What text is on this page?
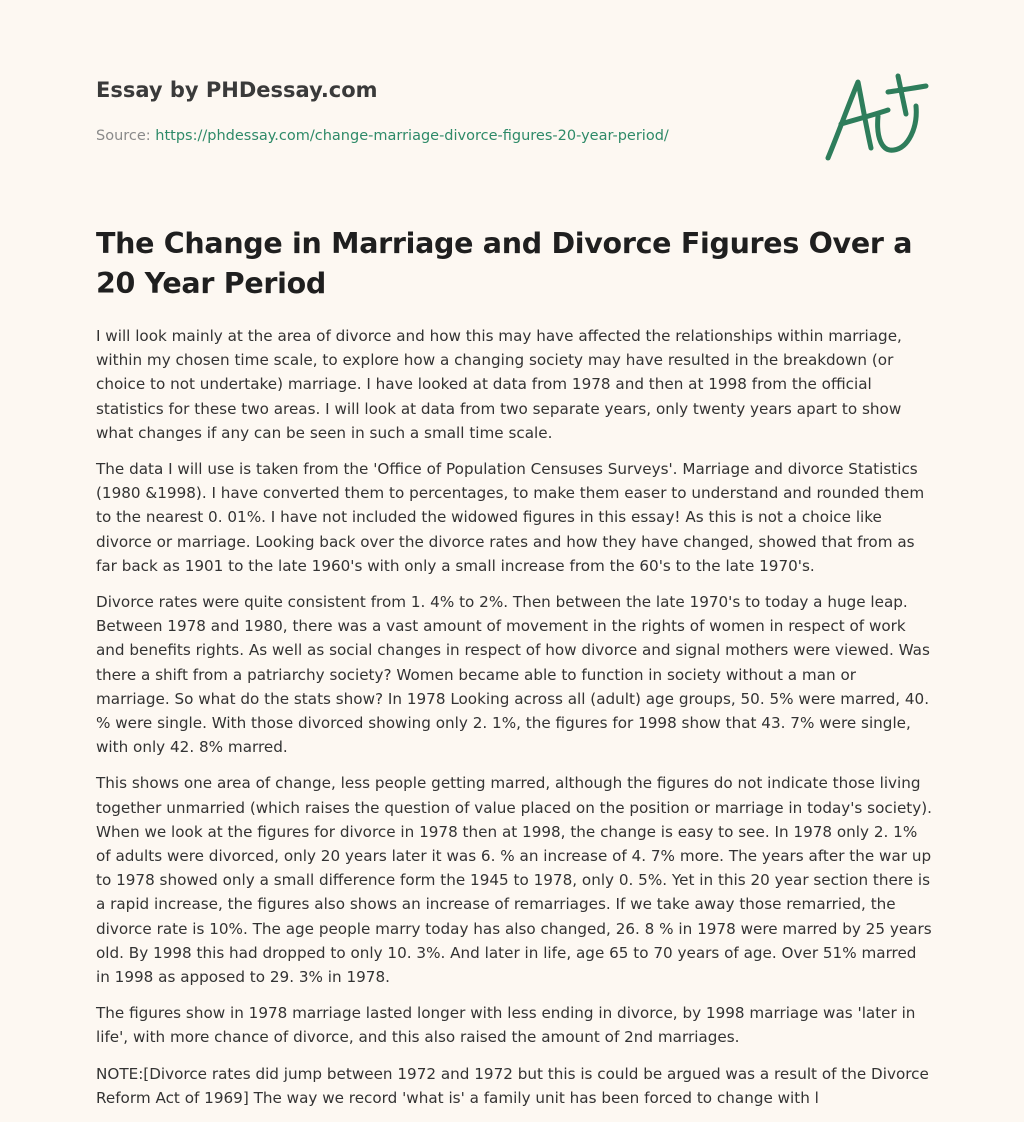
Essay by PHDessay.com
Source: https://phdessay.com/change-marriage-divorce-figures-20-year-period/
The Change in Marriage and Divorce Figures Over a 20 Year Period

I will look mainly at the area of divorce and how this may have affected the relationships within marriage, within my chosen time scale, to explore how a changing society may have resulted in the breakdown (or choice to not undertake) marriage. I have looked at data from 1978 and then at 1998 from the official statistics for these two areas. I will look at data from two separate years, only twenty years apart to show what changes if any can be seen in such a small time scale.

The data I will use is taken from the 'Office of Population Censuses Surveys'. Marriage and divorce Statistics (1980 &1998). I have converted them to percentages, to make them easer to understand and rounded them to the nearest 0. 01%. I have not included the widowed figures in this essay! As this is not a choice like divorce or marriage. Looking back over the divorce rates and how they have changed, showed that from as far back as 1901 to the late 1960's with only a small increase from the 60's to the late 1970's.

Divorce rates were quite consistent from 1. 4% to 2%. Then between the late 1970's to today a huge leap. Between 1978 and 1980, there was a vast amount of movement in the rights of women in respect of work and benefits rights. As well as social changes in respect of how divorce and signal mothers were viewed. Was there a shift from a patriarchy society? Women became able to function in society without a man or marriage. So what do the stats show? In 1978 Looking across all (adult) age groups, 50. 5% were marred, 40. % were single. With those divorced showing only 2. 1%, the figures for 1998 show that 43. 7% were single, with only 42. 8% marred.

This shows one area of change, less people getting marred, although the figures do not indicate those living together unmarried (which raises the question of value placed on the position or marriage in today's society). When we look at the figures for divorce in 1978 then at 1998, the change is easy to see. In 1978 only 2. 1% of adults were divorced, only 20 years later it was 6. % an increase of 4. 7% more. The years after the war up to 1978 showed only a small difference form the 1945 to 1978, only 0. 5%. Yet in this 20 year section there is a rapid increase, the figures also shows an increase of remarriages. If we take away those remarried, the divorce rate is 10%. The age people marry today has also changed, 26. 8 % in 1978 were marred by 25 years old. By 1998 this had dropped to only 10. 3%. And later in life, age 65 to 70 years of age. Over 51% marred in 1998 as apposed to 29. 3% in 1978.

The figures show in 1978 marriage lasted longer with less ending in divorce, by 1998 marriage was 'later in life', with more chance of divorce, and this also raised the amount of 2nd marriages.

NOTE:[Divorce rates did jump between 1972 and 1972 but this is could be argued was a result of the Divorce Reform Act of 1969] The way we record 'what is' a family unit has been forced to change with l
